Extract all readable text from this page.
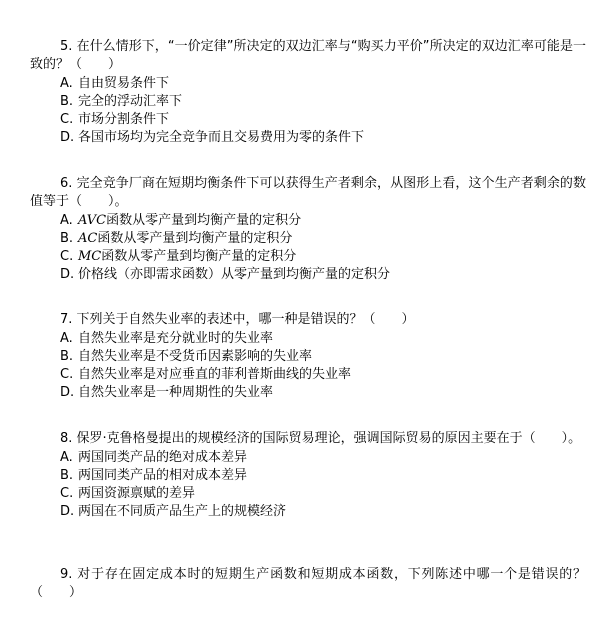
5. 在什么情形下，“一价定律”所决定的双边汇率与“购买力平价”所决定的双边汇率可能是一致的？（　　）

A. 自由贸易条件下
B. 完全的浮动汇率下
C. 市场分割条件下
D. 各国市场均为完全竞争而且交易费用为零的条件下

6. 完全竞争厂商在短期均衡条件下可以获得生产者剩余，从图形上看，这个生产者剩余的数值等于（　　）。

A. AVC函数从零产量到均衡产量的定积分
B. AC函数从零产量到均衡产量的定积分
C. MC函数从零产量到均衡产量的定积分
D. 价格线（亦即需求函数）从零产量到均衡产量的定积分

7. 下列关于自然失业率的表述中，哪一种是错误的？（　　）

A. 自然失业率是充分就业时的失业率
B. 自然失业率是不受货币因素影响的失业率
C. 自然失业率是对应垂直的菲利普斯曲线的失业率
D. 自然失业率是一种周期性的失业率

8. 保罗·克鲁格曼提出的规模经济的国际贸易理论，强调国际贸易的原因主要在于（　　）。

A. 两国同类产品的绝对成本差异
B. 两国同类产品的相对成本差异
C. 两国资源禀赋的差异
D. 两国在不同质产品生产上的规模经济

9. 对于存在固定成本时的短期生产函数和短期成本函数，下列陈述中哪一个是错误的？（　　）
